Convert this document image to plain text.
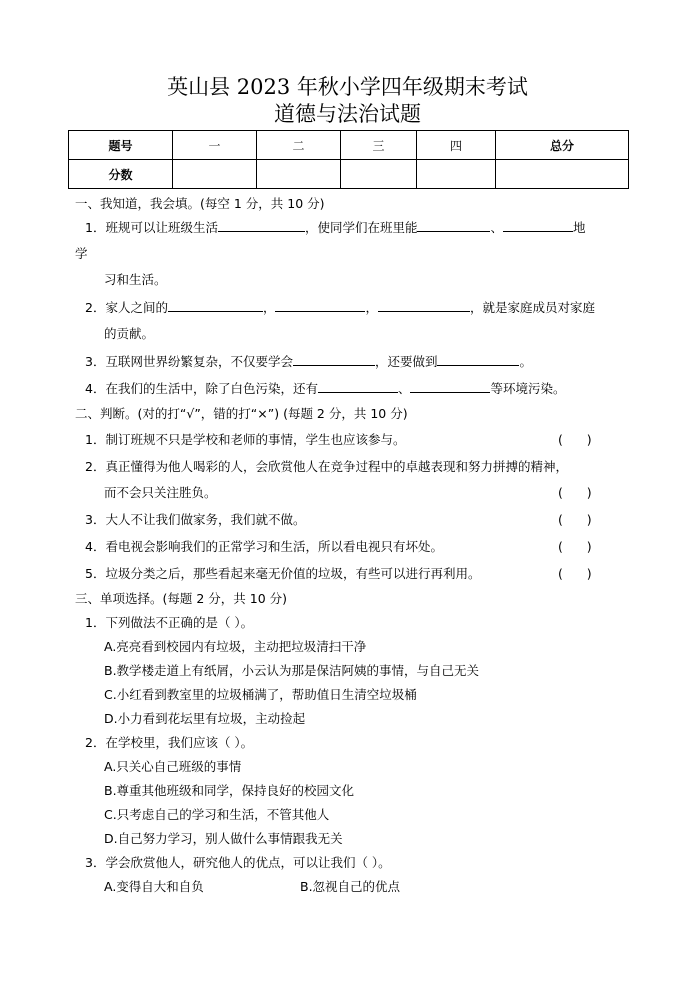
英山县 2023 年秋小学四年级期末考试
道德与法治试题
题号	一	二	三	四	总分
分数					
一、我知道，我会填。(每空 1 分，共 10 分)
1．班规可以让班级生活	，使同学们在班里能	、	地
学
习和生活。
2．家人之间的	，	，	，就是家庭成员对家庭
的贡献。
3．互联网世界纷繁复杂，不仅要学会	，还要做到	。
4．在我们的生活中，除了白色污染，还有	、	等环境污染。
二、判断。(对的打“√”，错的打“×”) (每题 2 分，共 10 分)
1．制订班规不只是学校和老师的事情，学生也应该参与。	(      )
2．真正懂得为他人喝彩的人，会欣赏他人在竞争过程中的卓越表现和努力拼搏的精神，
而不会只关注胜负。	(      )
3．大人不让我们做家务，我们就不做。	(      )
4．看电视会影响我们的正常学习和生活，所以看电视只有坏处。	(      )
5．垃圾分类之后，那些看起来毫无价值的垃圾，有些可以进行再利用。	(      )
三、单项选择。(每题 2 分，共 10 分)
1．下列做法不正确的是（ ）。
A.亮亮看到校园内有垃圾，主动把垃圾清扫干净
B.教学楼走道上有纸屑，小云认为那是保洁阿姨的事情，与自己无关
C.小红看到教室里的垃圾桶满了，帮助值日生清空垃圾桶
D.小力看到花坛里有垃圾，主动捡起
2．在学校里，我们应该（ ）。
A.只关心自己班级的事情
B.尊重其他班级和同学，保持良好的校园文化
C.只考虑自己的学习和生活，不管其他人
D.自己努力学习，别人做什么事情跟我无关
3．学会欣赏他人，研究他人的优点，可以让我们（ ）。
A.变得自大和自负	B.忽视自己的优点
